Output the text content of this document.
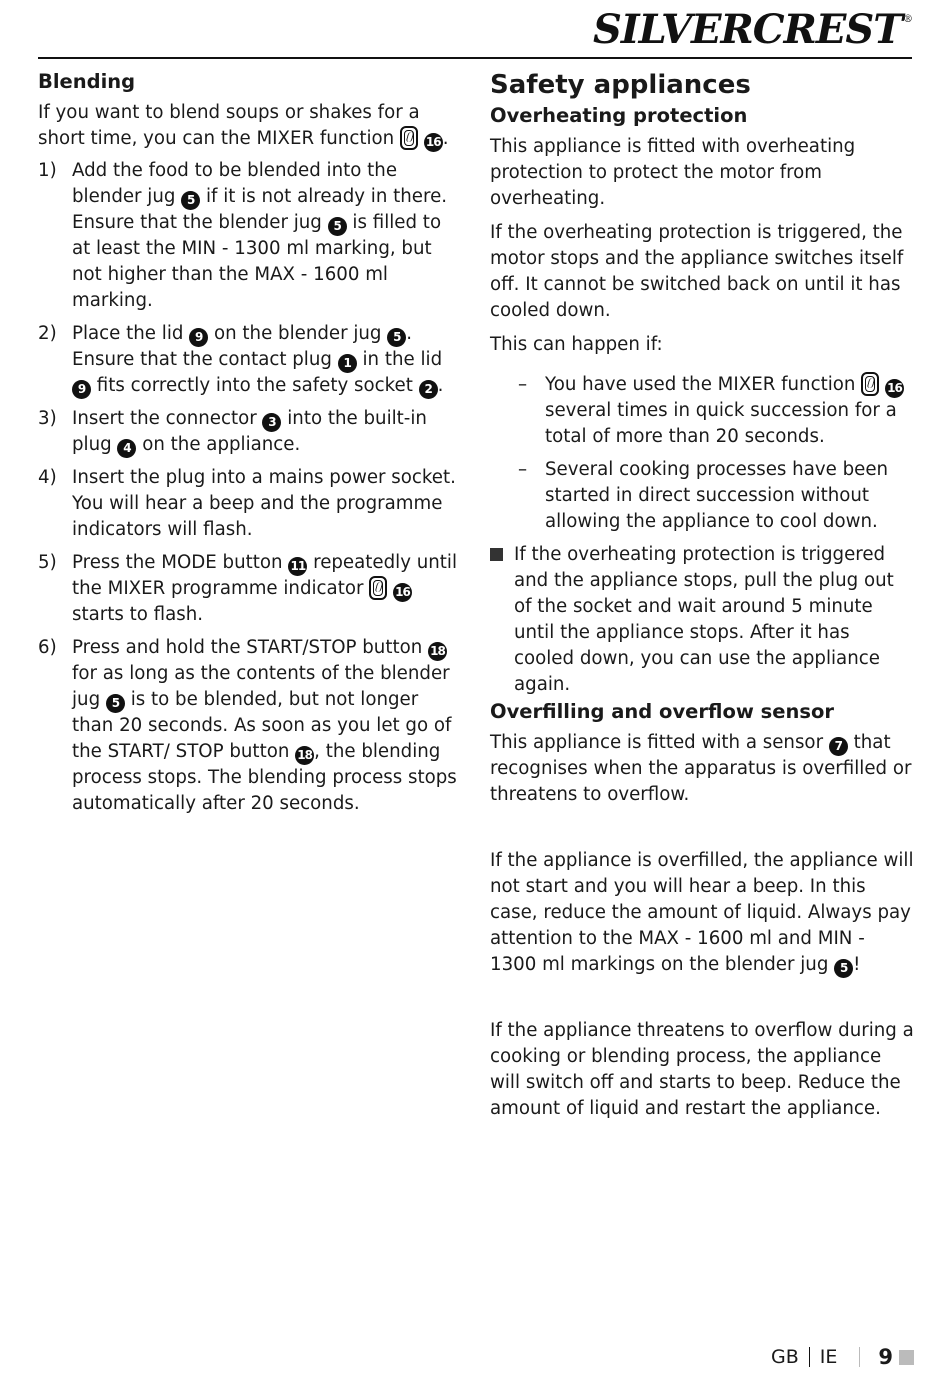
SILVERCREST®
Blending

If you want to blend soups or shakes for a short time, you can the MIXER function	16 .

1) Add the food to be blended into the blender jug 5 if it is not already in there. Ensure that the blender jug 5 is filled to at least the MIN - 1300 ml marking, but not higher than the MAX - 1600 ml marking.
2) Place the lid 9 on the blender jug 5 . Ensure that the contact plug 1 in the lid 9 fits correctly into the safety socket 2 .
3) Insert the connector 3 into the built-in plug 4 on the appliance.
4) Insert the plug into a mains power socket. You will hear a beep and the programme indicators will flash.
5) Press the MODE button 11 repeatedly until the MIXER programme indicator
16 starts to flash.
6) Press and hold the START/STOP button 18 for as long as the contents of the blender jug 5 is to be blended, but not longer than 20 seconds. As soon as you let go of the START/ STOP button 18 , the blending process stops. The blending process stops automatically after 20 seconds.
Safety appliances
Overheating protection

This appliance is fitted with overheating protection to protect the motor from overheating.

If the overheating protection is triggered, the motor stops and the appliance switches itself off. It cannot be switched back on until it has cooled down.

This can happen if:

– You have used the MIXER function	16 several times in quick succession for a total of more than 20 seconds.
– Several cooking processes have been started in direct succession without allowing the appliance to cool down.
If the overheating protection is triggered and the appliance stops, pull the plug out of the socket and wait around 5 minute until the appliance stops. After it has cooled down, you can use the appliance again.
Overfilling and overflow sensor

This appliance is fitted with a sensor 7 that recognises when the apparatus is overfilled or threatens to overflow.

If the appliance is overfilled, the appliance will not start and you will hear a beep. In this case, reduce the amount of liquid. Always pay attention to the MAX - 1600 ml and MIN - 1300 ml markings on the blender jug 5 !

If the appliance threatens to overflow during a cooking or blending process, the appliance will switch off and starts to beep. Reduce the amount of liquid and restart the appliance.

GB IE 9
